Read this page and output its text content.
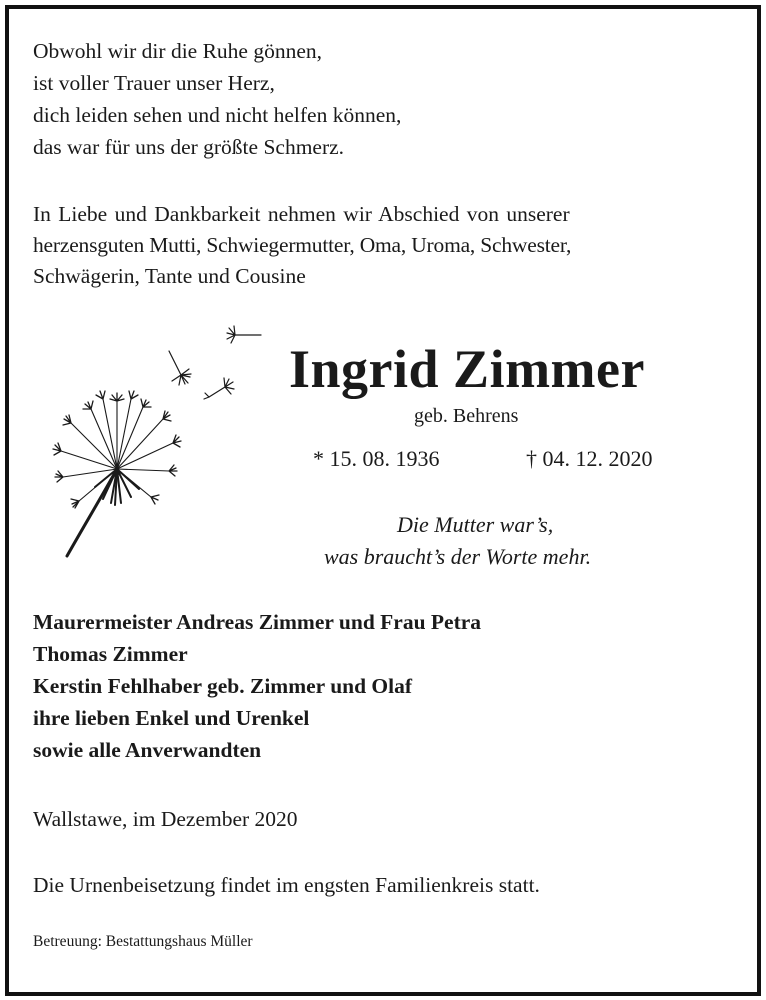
Obwohl wir dir die Ruhe gönnen,

ist voller Trauer unser Herz,

dich leiden sehen und nicht helfen können,

das war für uns der größte Schmerz.

In Liebe und Dankbarkeit nehmen wir Abschied von unserer

herzensguten Mutti, Schwiegermutter, Oma, Uroma, Schwester,

Schwägerin, Tante und Cousine

Ingrid Zimmer

geb. Behrens

* 15. 08. 1936	† 04. 12. 2020

Die Mutter war’s,

was braucht’s der Worte mehr.

Maurermeister Andreas Zimmer und Frau Petra

Thomas Zimmer

Kerstin Fehlhaber geb. Zimmer und Olaf

ihre lieben Enkel und Urenkel

sowie alle Anverwandten

Wallstawe, im Dezember 2020

Die Urnenbeisetzung findet im engsten Familienkreis statt.

Betreuung: Bestattungshaus Müller
